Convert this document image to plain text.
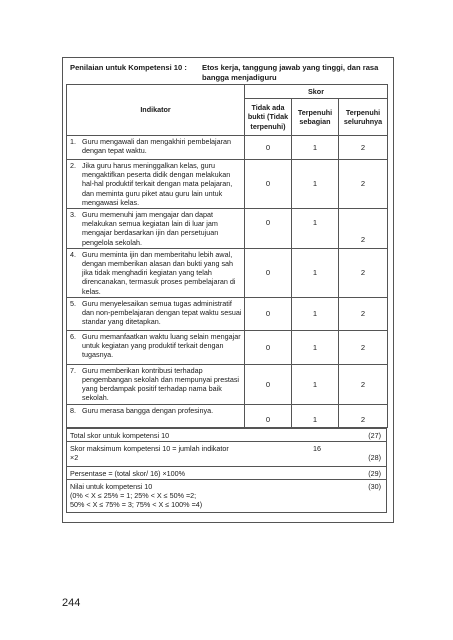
Penilaian untuk Kompetensi 10 : Etos kerja, tanggung jawab yang tinggi, dan rasa bangga menjadiguru
Indikator	Skor		
	Tidak ada bukti (Tidak terpenuhi)	Terpenuhi sebagian	Terpenuhi seluruhnya
1. Guru mengawali dan mengakhiri pembelajaran dengan tepat waktu.	0	1	2
2. Jika guru harus meninggalkan kelas, guru mengaktifkan peserta didik dengan melakukan hal-hal produktif terkait dengan mata pelajaran, dan meminta guru piket atau guru lain untuk mengawasi kelas.	0	1	2
3. Guru memenuhi jam mengajar dan dapat melakukan semua kegiatan lain di luar jam mengajar berdasarkan ijin dan persetujuan pengelola sekolah.	0	1	2
4. Guru meminta ijin dan memberitahu lebih awal, dengan memberikan alasan dan bukti yang sah jika tidak menghadiri kegiatan yang telah direncanakan, termasuk proses pembelajaran di kelas.	0	1	2
5. Guru menyelesaikan semua tugas administratif dan non-pembelajaran dengan tepat waktu sesuai standar yang ditetapkan.	0	1	2
6. Guru memanfaatkan waktu luang selain mengajar untuk kegiatan yang produktif terkait dengan tugasnya.	0	1	2
7. Guru memberikan kontribusi terhadap pengembangan sekolah dan mempunyai prestasi yang berdampak positif terhadap nama baik sekolah.	0	1	2
8. Guru merasa bangga dengan profesinya.	0	1	2
Total skor untuk kompetensi 10	(27)
Skor maksimum kompetensi 10 = jumlah indikator	16
×2	(28)
Persentase = (total skor/ 16) ×100%	(29)
Nilai untuk kompetensi 10	(30)
(0% < X ≤ 25% = 1; 25% < X ≤ 50% =2;
50% < X ≤ 75% = 3; 75% < X ≤ 100% =4)
244
